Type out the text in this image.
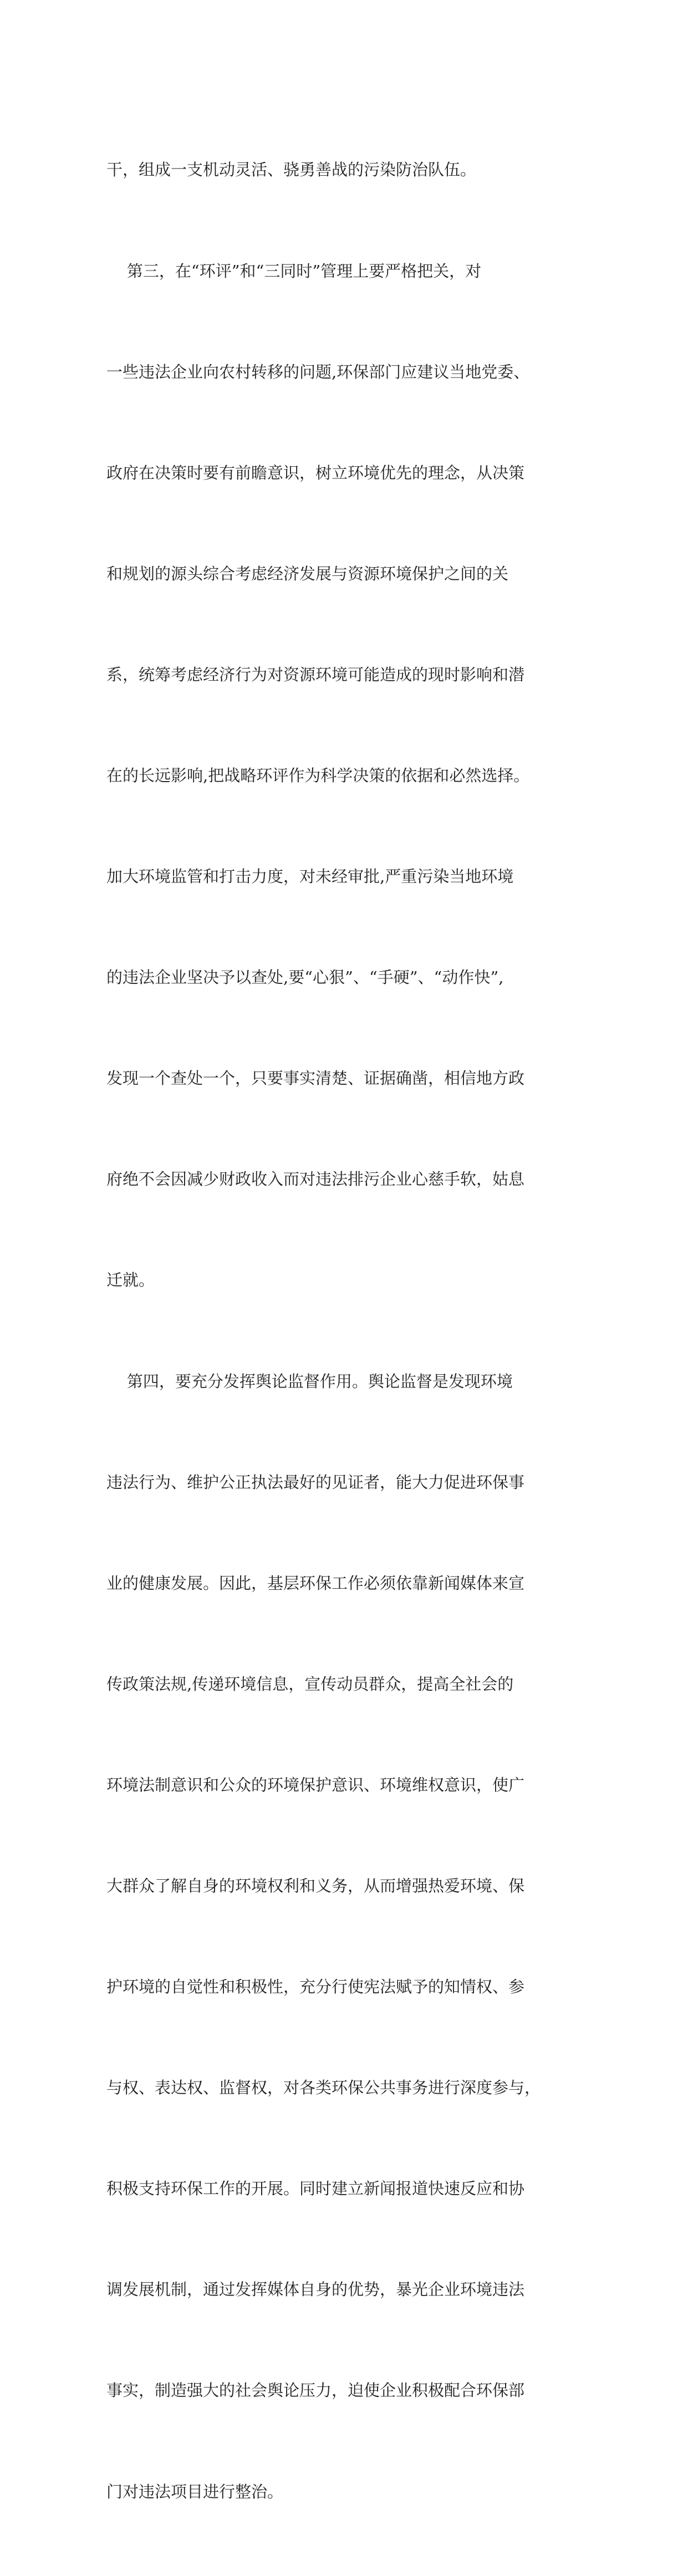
干，组成一支机动灵活、骁勇善战的污染防治队伍。

第三，在“环评”和“三同时”管理上要严格把关，对

一些违法企业向农村转移的问题,环保部门应建议当地党委、

政府在决策时要有前瞻意识，树立环境优先的理念，从决策

和规划的源头综合考虑经济发展与资源环境保护之间的关

系，统筹考虑经济行为对资源环境可能造成的现时影响和潜

在的长远影响,把战略环评作为科学决策的依据和必然选择。

加大环境监管和打击力度，对未经审批,严重污染当地环境

的违法企业坚决予以查处,要“心狠”、“手硬”、“动作快”,

发现一个查处一个，只要事实清楚、证据确凿，相信地方政

府绝不会因减少财政收入而对违法排污企业心慈手软，姑息

迁就。

第四，要充分发挥舆论监督作用。舆论监督是发现环境

违法行为、维护公正执法最好的见证者，能大力促进环保事

业的健康发展。因此，基层环保工作必须依靠新闻媒体来宣

传政策法规,传递环境信息，宣传动员群众，提高全社会的

环境法制意识和公众的环境保护意识、环境维权意识，使广

大群众了解自身的环境权利和义务，从而增强热爱环境、保

护环境的自觉性和积极性，充分行使宪法赋予的知情权、参

与权、表达权、监督权，对各类环保公共事务进行深度参与，

积极支持环保工作的开展。同时建立新闻报道快速反应和协

调发展机制，通过发挥媒体自身的优势，暴光企业环境违法

事实，制造强大的社会舆论压力，迫使企业积极配合环保部

门对违法项目进行整治。
